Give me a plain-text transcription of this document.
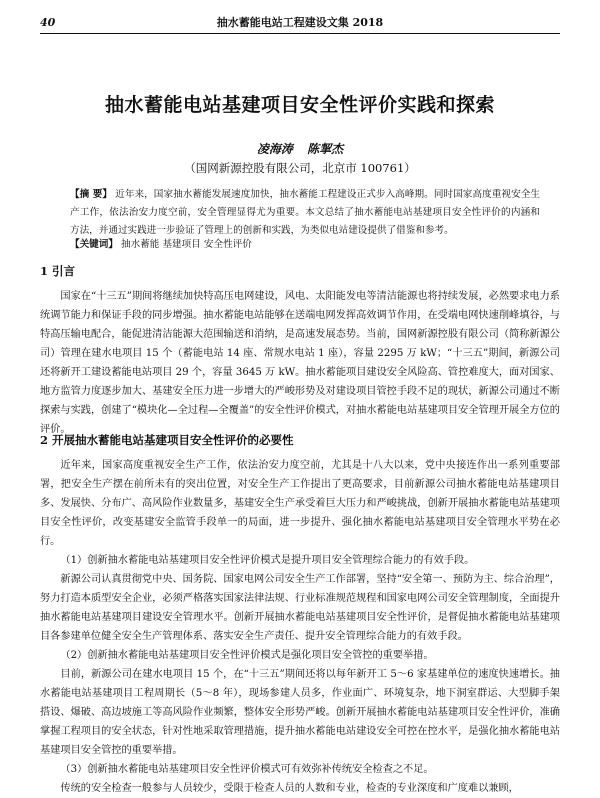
40	抽水蓄能电站工程建设文集 2018
抽水蓄能电站基建项目安全性评价实践和探索
凌海涛 陈挈杰
（国网新源控股有限公司，北京市 100761）
【摘 要】 近年来，国家抽水蓄能发展速度加快，抽水蓄能工程建设正式步入高峰期。同时国家高度重视安全生产工作，依法治安力度空前，安全管理显得尤为重要。本文总结了抽水蓄能电站基建项目安全性评价的内涵和方法，并通过实践进一步验证了管理上的创新和实践，为类似电站建设提供了借鉴和参考。
【关键词】 抽水蓄能 基建项目 安全性评价
1 引言

国家在“十三五”期间将继续加快特高压电网建设，风电、太阳能发电等清洁能源也将持续发展，必然要求电力系统调节能力和保证手段的同步增强。抽水蓄能电站能够在送端电网发挥高效调节作用，在受端电网快速削峰填谷，与特高压输电配合，能促进清洁能源大范围输送和消纳，是高速发展态势。当前，国网新源控股有限公司（简称新源公司）管理在建水电项目 15 个（蓄能电站 14 座、常规水电站 1 座），容量 2295 万 kW；“十三五”期间，新源公司还将新开工建设蓄能电站项目 29 个，容量 3645 万 kW。抽水蓄能项目建设安全风险高、管控难度大，面对国家、地方监管力度逐步加大、基建安全压力进一步增大的严峻形势及对建设项目管控手段不足的现状，新源公司通过不断探索与实践，创建了“模块化—全过程—全覆盖”的安全性评价模式，对抽水蓄能电站基建项目安全管理开展全方位的评价。

2 开展抽水蓄能电站基建项目安全性评价的必要性

近年来，国家高度重视安全生产工作，依法治安力度空前，尤其是十八大以来，党中央接连作出一系列重要部署，把安全生产摆在前所未有的突出位置，对安全生产工作提出了更高要求，目前新源公司抽水蓄能电站基建项目多、发展快、分布广、高风险作业数量多，基建安全生产承受着巨大压力和严峻挑战，创新开展抽水蓄能电站基建项目安全性评价，改变基建安全监管手段单一的局面，进一步提升、强化抽水蓄能电站基建项目安全管理水平势在必行。

（1）创新抽水蓄能电站基建项目安全性评价模式是提升项目安全管理综合能力的有效手段。

新源公司认真贯彻党中央、国务院、国家电网公司安全生产工作部署，坚持“安全第一、预防为主、综合治理”，努力打造本质型安全企业，必须严格落实国家法律法规、行业标准规范规程和国家电网公司安全管理制度，全面提升抽水蓄能电站基建项目建设安全管理水平。创新开展抽水蓄能电站基建项目安全性评价，是督促抽水蓄能电站基建项目各参建单位健全安全生产管理体系、落实安全生产责任、提升安全管理综合能力的有效手段。

（2）创新抽水蓄能电站基建项目安全性评价模式是强化项目安全管控的重要举措。

目前，新源公司在建水电项目 15 个，在“十三五”期间还将以每年新开工 5～6 家基建单位的速度快速增长。抽水蓄能电站基建项目工程周期长（5～8 年），现场参建人员多，作业面广、环境复杂，地下洞室群运、大型脚手架搭设、爆破、高边坡施工等高风险作业频繁，整体安全形势严峻。创新开展抽水蓄能电站基建项目安全性评价，准确掌握工程项目的安全状态，针对性地采取管理措施，提升抽水蓄能电站建设安全可控在控水平，是强化抽水蓄能电站基建项目安全管控的重要举措。

（3）创新抽水蓄能电站基建项目安全性评价模式可有效弥补传统安全检查之不足。

传统的安全检查一般参与人员较少，受限于检查人员的人数和专业，检查的专业深度和广度难以兼顾，
